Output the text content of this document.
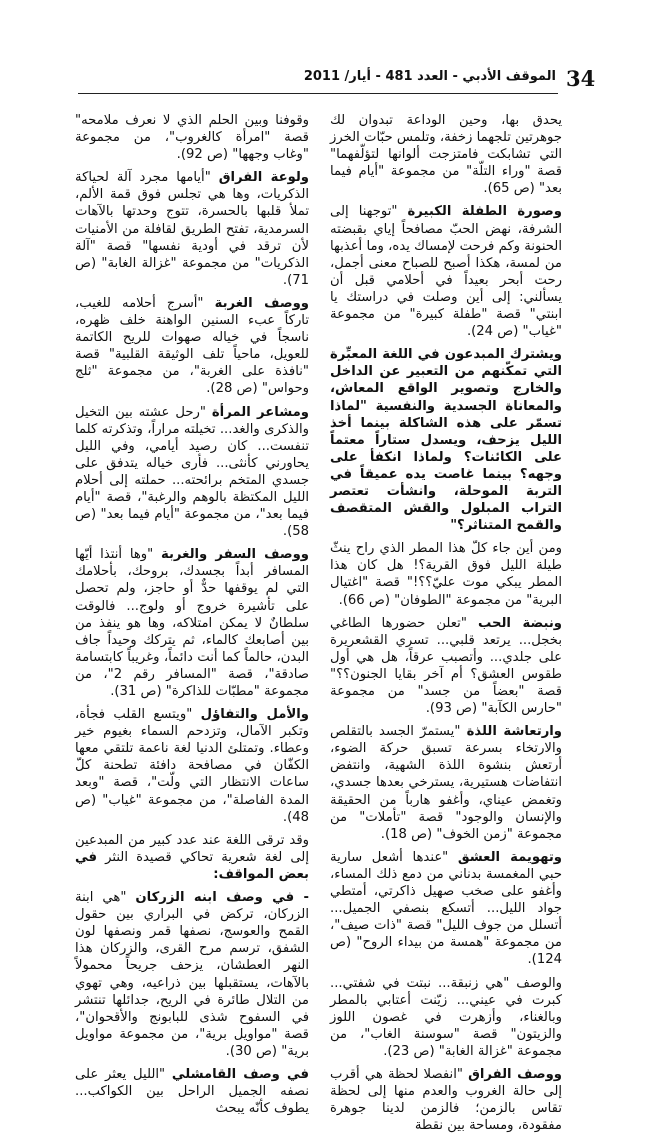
34
الموقف الأدبي - العدد 481 - أيار/ 2011

يحدق بها، وحين الوداعة تبدوان لك جوهرتين تلجهما زخفة، وتلمس حبّات الخرز التي تشابكت فامتزجت ألوانها لتؤلّفهما" قصة "وراء التلّة" من مجموعة "أيام فيما بعد" (ص 65).

وصورة الطفلة الكبيرة "توجهنا إلى الشرفة، نهض الحبّ مصافحاً إياي بقبضته الحنونة وكم فرحت لإمساك يده، وما أعذبها من لمسة، هكذا أصبح للصباح معنى أجمل، رحت أبحر بعيداً في أحلامي قبل أن يسألني: إلى أين وصلت في دراستك يا ابنتي" قصة "طفلة كبيرة" من مجموعة "غياب" (ص 24).

ويشترك المبدعون في اللغة المعبِّرة التي تمكّنهم من التعبير عن الداخل والخارج وتصوير الواقع المعاش، والمعاناة الجسدية والنفسية "لماذا تسمّر على هذه الشاكلة بينما أخذ الليل يزحف، ويسدل ستاراً معتماً على الكائنات؟ ولماذا انكفأ على وجهه؟ بينما غاصت يده عميقاً في التربة الموحلة، وانشأت تعتصر التراب المبلول والقش المتقصف والقمح المتناثر؟"

ومن أين جاء كلّ هذا المطر الذي راح ينثّ طيلة الليل فوق القرية؟! هل كان هذا المطر يبكي موت عليّ؟؟!" قصة "اغتيال البرية" من مجموعة "الطوفان" (ص 66).

ونبضة الحب "تعلن حضورها الطاغي بخجل... يرتعد قلبي... تسري القشعريرة على جلدي... وأتصبب عرقاً، هل هي أول طقوس العشق؟ أم آخر بقايا الجنون؟؟" قصة "بعضاً من جسد" من مجموعة "حارس الكآبة" (ص 93).

وارتعاشة اللذة "يستمرّ الجسد بالتقلص والارتخاء بسرعة تسبق حركة الضوء، أرتعش بنشوة اللذة الشهية، وانتفض انتفاضات هستيرية، يسترخي بعدها جسدي، وتغمض عيناي، وأغفو هارباً من الحقيقة والإنسان والوجود" قصة "تأملات" من مجموعة "زمن الخوف" (ص 18).

وتهويمة العشق "عندها أشعل سارية حبي المغمسة بدناني من دمع ذلك المساء، وأغفو على صخب صهيل ذاكرتي، أمتطي جواد الليل... أتسكع بنصفي الجميل... أتسلل من جوف الليل" قصة "ذات صيف"، من مجموعة "همسة من بيداء الروح" (ص 124).

والوصف "هي زنبقة... نبتت في شفتي... كبرت في عيني... زيّنت أعتابي بالمطر وبالغناء، وأزهرت في غصون اللوز والزيتون" قصة "سوسنة الغاب"، من مجموعة "غزالة الغابة" (ص 23).

ووصف الفراق "انفصلا لحظة هي أقرب إلى حالة الغروب والعدم منها إلى لحظة تقاس بالزمن؛ فالزمن لدينا جوهرة مفقودة، ومساحة بين نقطة

وقوفنا وبين الحلم الذي لا نعرف ملامحه" قصة "امرأة كالغروب"، من مجموعة "وغاب وجهها" (ص 92).

ولوعة الفراق "أيامها مجرد آلة لحياكة الذكريات، وها هي تجلس فوق قمة الألم، تملأ قلبها بالحسرة، تتوج وحدتها بالآهات السرمدية، تفتح الطريق لقافلة من الأمنيات لأن ترقد في أودية نفسها" قصة "آلة الذكريات" من مجموعة "غزالة الغابة" (ص 71).

ووصف الغربة "أسرج أحلامه للغيب، تاركاً عبء السنين الواهنة خلف ظهره، ناسجاً في خياله صهوات للريح الكاتمة للعويل، ماحياً تلف الوثيقة القلبية" قصة "نافذة على الغربة"، من مجموعة "ثلج وحواس" (ص 28).

ومشاعر المرأة "رحل عشته بين التخيل والذكرى والغد... تخيلته مراراً، وتذكرته كلما تنفست... كان رصيد أيامي، وفي الليل يحاورني كأنثى... فأرى خياله يتدفق على جسدي المتخم برائحته... حملته إلى أحلام الليل المكتظة بالوهم والرغبة"، قصة "أيام فيما بعد"، من مجموعة "أيام فيما بعد" (ص 58).

ووصف السفر والغربة "وها أنتذا أيّها المسافر أبداً بجسدك، بروحك، بأحلامك التي لم يوقفها حدٌّ أو حاجز، ولم تحصل على تأشيرة خروج أو ولوج... فالوقت سلطانٌ لا يمكن امتلاكه، وها هو ينفذ من بين أصابعك كالماء، ثم يتركك وحيداً جاف البدن، حالماً كما أنت دائماً، وغريباً كابتسامة صادقة"، قصة "المسافر رقم 2"، من مجموعة "مطبّات للذاكرة" (ص 31).

والأمل والتفاؤل "ويتسع القلب فجأة، وتكبر الآمال، وتزدحم السماء بغيوم خير وعطاء. وتمتلئ الدنيا لغة ناعمة تلتقي معها الكفّان في مصافحة دافئة تطحنة كلّ ساعات الانتظار التي ولّت"، قصة "وبعد المدة الفاصلة"، من مجموعة "غياب" (ص 48).

وقد ترقى اللغة عند عدد كبير من المبدعين إلى لغة شعرية تحاكي قصيدة النثر في بعض المواقف:

- في وصف ابنه الزركان "هي ابنة الزركان، تركض في البراري بين حقول القمح والعوسج، نصفها قمر ونصفها لون الشفق، ترسم مرح القرى، والزركان هذا النهر العطشان، يزحف جريحاً محمولاً بالآهات، يستقبلها بين ذراعيه، وهي تهوي من التلال طائرة في الريح، جدائلها تنتشر في السفوح شذى للبابونج والأقحوان"، قصة "مواويل برية"، من مجموعة مواويل برية" (ص 30).

في وصف القامشلي "الليل يعثر على نصفه الجميل الراحل بين الكواكب... يطوف كأنّه يبحث
